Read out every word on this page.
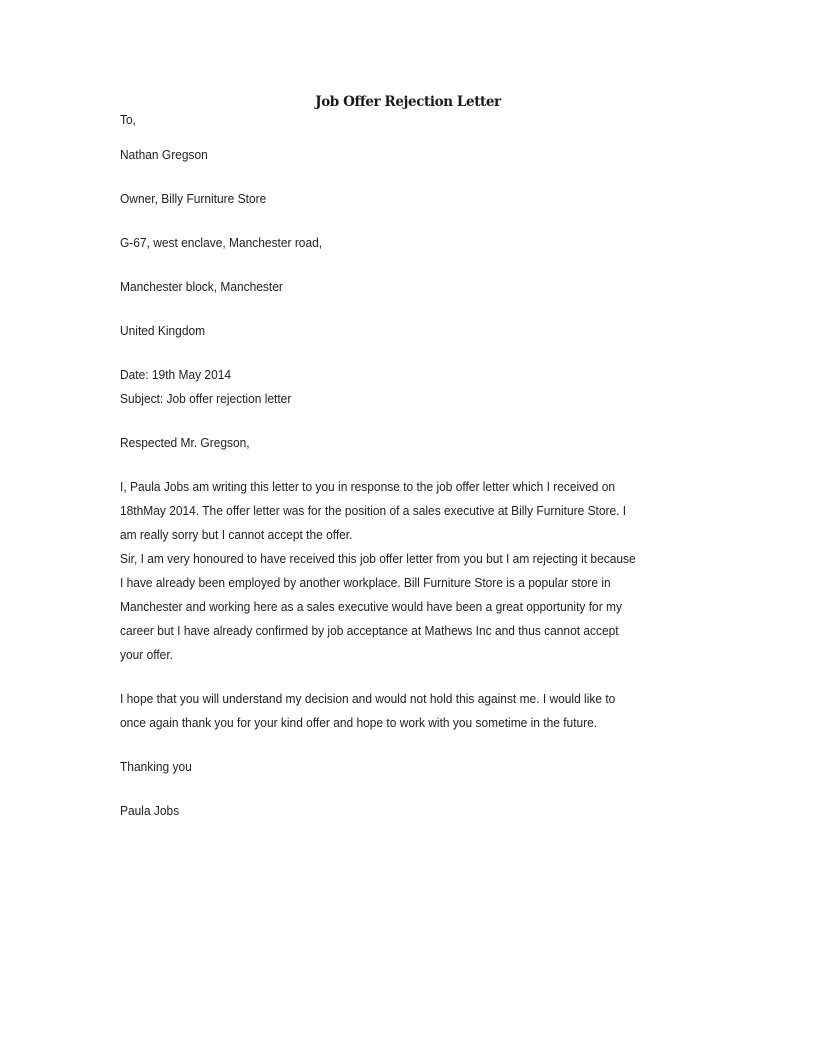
Job Offer Rejection Letter

To,

Nathan Gregson

Owner, Billy Furniture Store

G-67, west enclave, Manchester road,

Manchester block, Manchester

United Kingdom

Date: 19th May 2014

Subject: Job offer rejection letter

Respected Mr. Gregson,

I, Paula Jobs am writing this letter to you in response to the job offer letter which I received on
18thMay 2014. The offer letter was for the position of a sales executive at Billy Furniture Store. I
am really sorry but I cannot accept the offer.
Sir, I am very honoured to have received this job offer letter from you but I am rejecting it because
I have already been employed by another workplace. Bill Furniture Store is a popular store in
Manchester and working here as a sales executive would have been a great opportunity for my
career but I have already confirmed by job acceptance at Mathews Inc and thus cannot accept
your offer.
I hope that you will understand my decision and would not hold this against me. I would like to
once again thank you for your kind offer and hope to work with you sometime in the future.

Thanking you

Paula Jobs
